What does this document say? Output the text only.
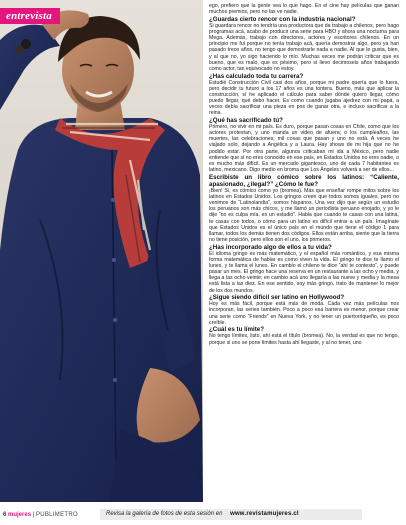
entrevista

ego, prefiero que la gente vea lo que hago. En el cine hay películas que ganan muchos premios, pero no las ve nadie.

¿Guardas cierto rencor con la industria nacional?

Si guardara rencor no tendría una productora que da trabajo a chilenos, pero hago programas acá, acabo de producir una serie para HBO y ahora una nocturna para Mega. Además, trabajo con directores, actores y escritores chilenos. En un principio me fui porque no tenía trabajo acá, quería demostrar algo, pero ya han pasado trece años, no tengo que demostrarle nada a nadie. Al que le gusta, bien, y al que no, yo sigo haciendo lo mío. Muchas veces me podrán criticar que es bueno, que es malo, que es pésimo, pero si llevo decimoseis años trabajando como actor, tan equivocado no estoy.

¿Has calculado toda tu carrera?

Estudié Construcción Civil casi dos años, porque mi padre quería que lo fuera, pero decidir tu futuro a los 17 años es una tontera. Bueno, más que aplicar la construcción, sí he aplicado el cálculo para saber dónde quiero llegar, cómo puedo llegar, qué debo hacer. Es como cuando jugaba ajedrez con mi papá, a veces debía sacrificar una pieza en pos de ganar otra, e incluso sacrificar a la reina.

¿Qué has sacrificado tú?

Primero, no vivir en mi país. Es duro, porque pasan cosas en Chile, como que los actores protestan, y uno manda un video de afuera; o los cumpleaños, las muertes, las celebraciones; mil cosas que pasan y uno no está. A veces he viajado solo, dejando a Angélica y a Laura. Hay shows de mi hija que no he podido estar. Por otra parte, algunos criticaban mi ida a México, pero nadie entiende que si no eres conocido en ese país, en Estados Unidos no eres nadie, o es mucho más difícil. Es un mercado gigantesco, uno de cada 7 habitantes es latino, mexicano. Digo medio en broma que Los Ángeles volverá a ser de ellos...

Escribiste un libro cómico sobre los latinos: “Caliente, apasionado, ¿ilegal?” ¿Cómo le fue?

¡Bien! Sí, es cómico como yo (bromea). Más que enseñar rompe mitos sobre los latinos en Estados Unidos. Los gringos creen que todos somos iguales, pero no venimos de “Latinolandia”, somos hispanos. Una vez dijo que según un estudio los peruanos son más chicos, y me llamó un periodista peruano enojado, y yo le dije “no es culpa mía, es un estudio”. Habla que cuando te casas con una latina, te casas con todos, o cómo para un latino es difícil entrar a un país. Imagínate que Estados Unidos es el único país en el mundo que tiene el código 1 para llamar, todos los demás tienen dos códigos. Ellos están arriba, siente que la tierra no tiene posición, pero ellos son el uno, los primeros.

¿Has incorporado algo de ellos a tu vida?

El idioma gringo es más matemático, y el español más romántico, y esa misma forma matemática de hablar es como viven la vida. El gringo te dice te llamo el lunes, y te llama el lunes. En cambio el chileno te dice “ahí te contesto”, y puede pasar un mes. El gringo hace una reserva en un restaurante a las ocho y media, y llega a las ocho veinte; en cambio acá uno llegaría a las nueve y media y la mesa está lista a las diez. En ese sentido, soy más gringo, trato de mantener lo mejor de los dos mundos.

¿Sigue siendo difícil ser latino en Hollywood?

Hoy es más fácil, porque está más de moda. Cada vez más películas nos incorporan, las series también. Poco a poco esa barrera es menor, porque crear una serie como “Friends” en Nueva York, y no tener un puertorriqueño, es poco creíble.

¿Cuál es tu límite?

No tengo límites, listo, ahí está el título (bromea). No, la verdad es que no tengo, porque si uno se pone límites hasta ahí llegaste, y al no tener, uno

6 mujeres | PUBLIMETRO	Revisa la galería de fotos de esta sesión en www.revistamujeres.cl
